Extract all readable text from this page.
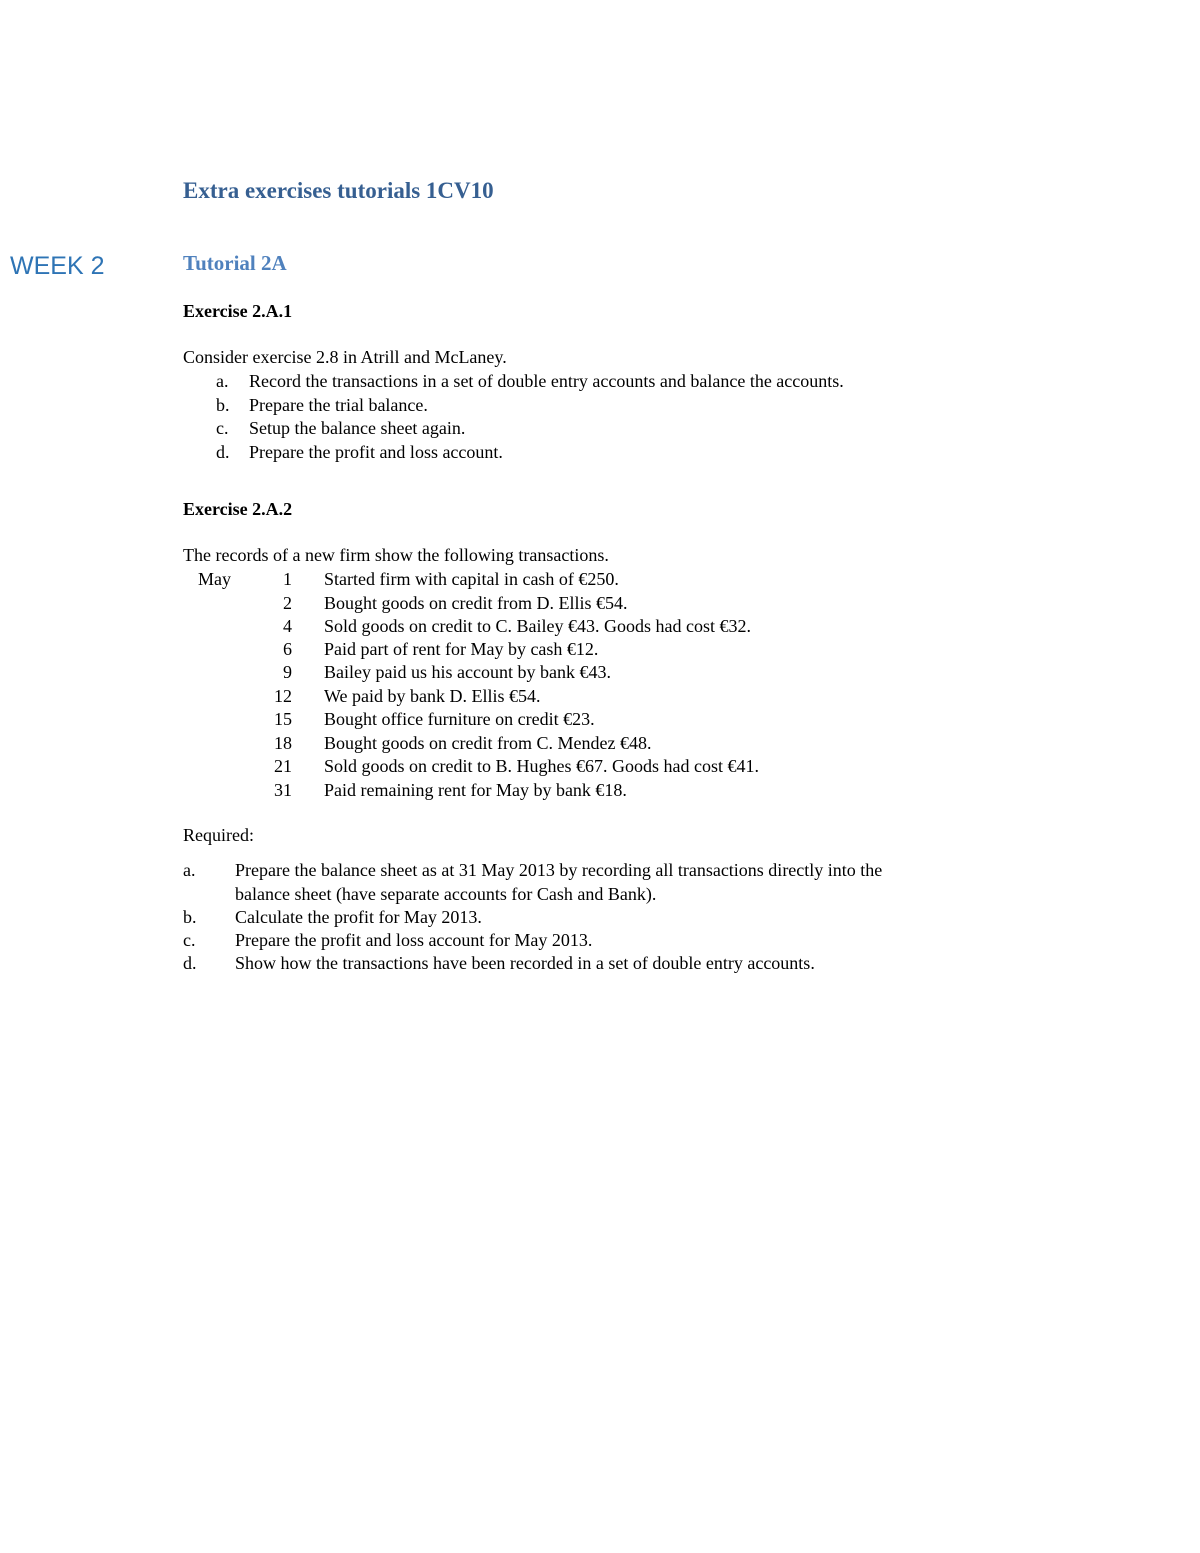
Extra exercises tutorials 1CV10
WEEK 2	Tutorial 2A
Exercise 2.A.1
Consider exercise 2.8 in Atrill and McLaney.
a. Record the transactions in a set of double entry accounts and balance the accounts.
b. Prepare the trial balance.
c. Setup the balance sheet again.
d. Prepare the profit and loss account.
Exercise 2.A.2
The records of a new firm show the following transactions.
May	1 Started firm with capital in cash of €250.
2 Bought goods on credit from D. Ellis €54.
4 Sold goods on credit to C. Bailey €43. Goods had cost €32.
6 Paid part of rent for May by cash €12.
9 Bailey paid us his account by bank €43.
12 We paid by bank D. Ellis €54.
15 Bought office furniture on credit €23.
18 Bought goods on credit from C. Mendez €48.
21 Sold goods on credit to B. Hughes €67. Goods had cost €41.
31 Paid remaining rent for May by bank €18.
Required:
a. Prepare the balance sheet as at 31 May 2013 by recording all transactions directly into the
balance sheet (have separate accounts for Cash and Bank).
b. Calculate the profit for May 2013.
c. Prepare the profit and loss account for May 2013.
d. Show how the transactions have been recorded in a set of double entry accounts.
